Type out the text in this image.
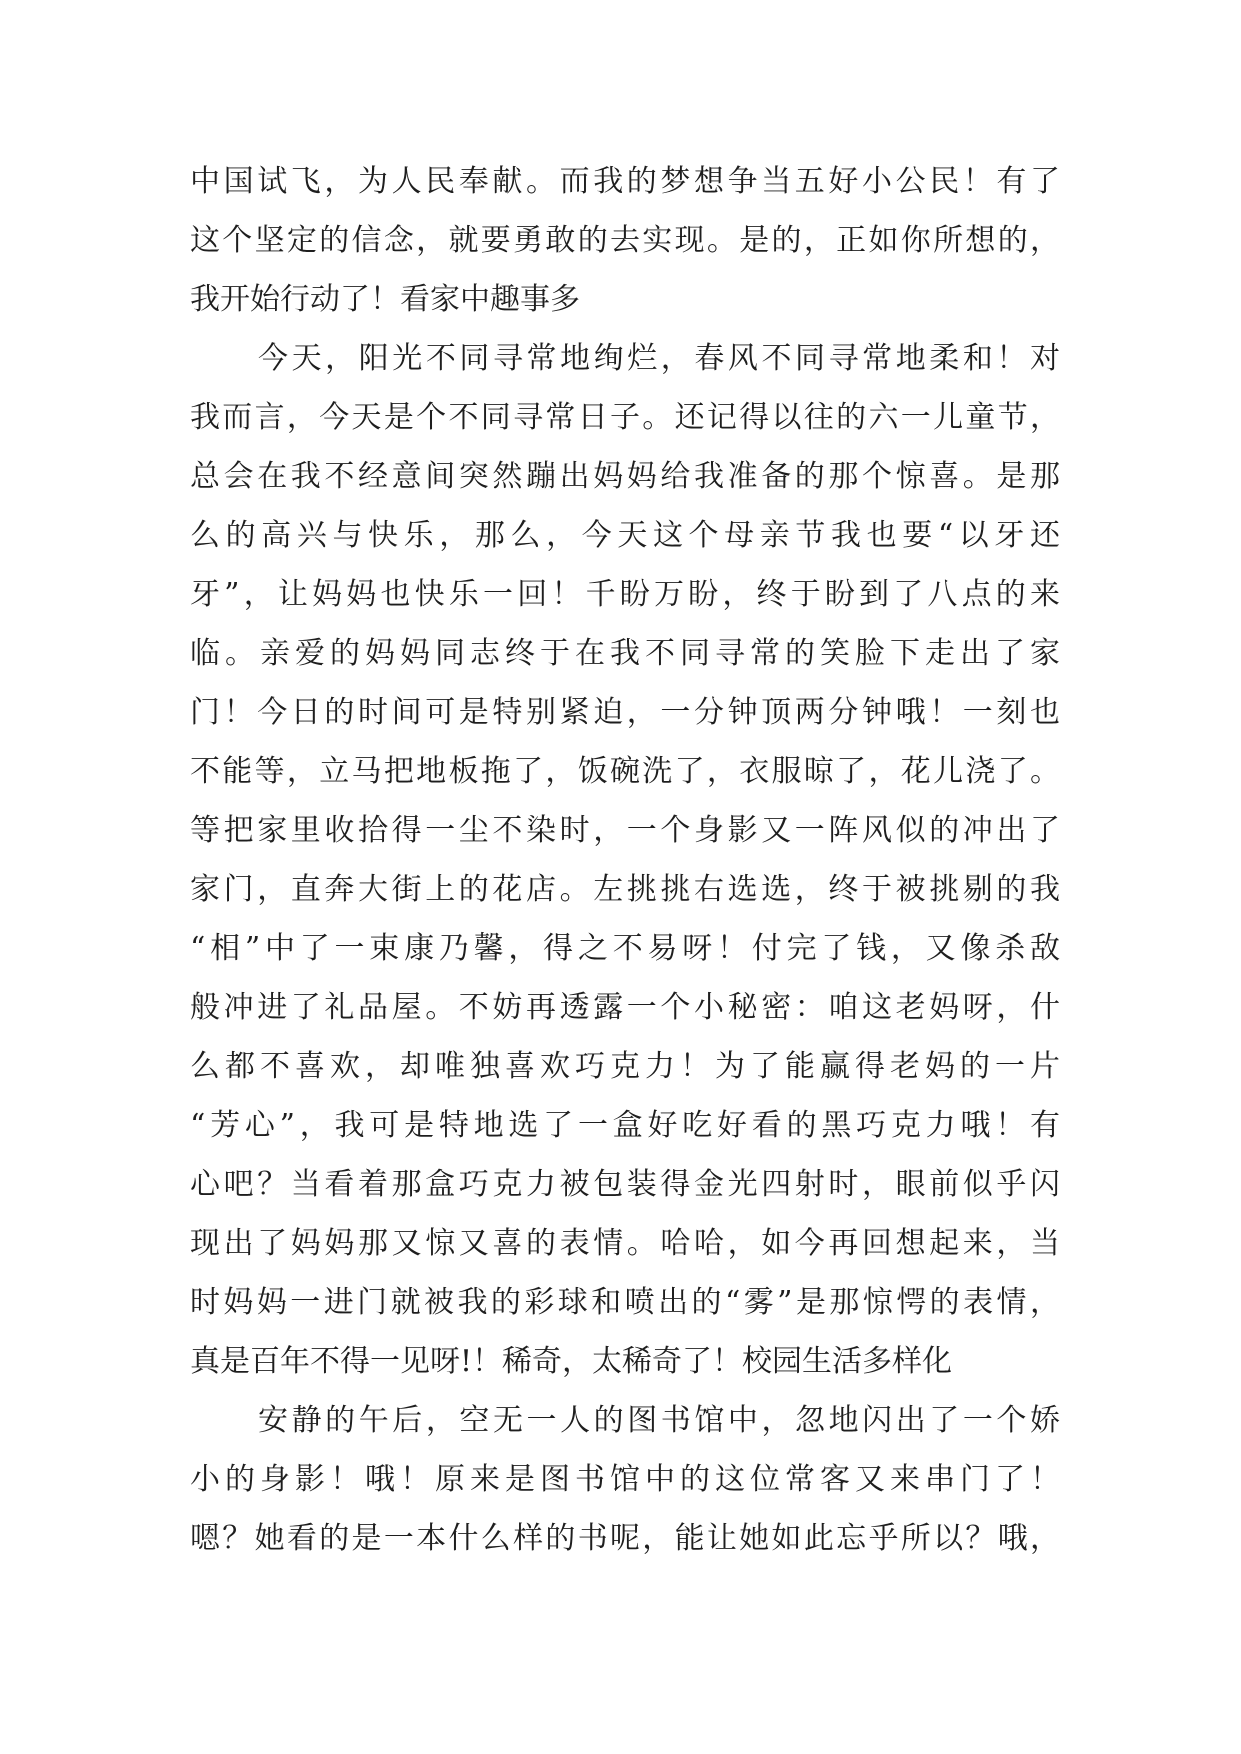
中国试飞，为人民奉献。而我的梦想争当五好小公民！有了
这个坚定的信念，就要勇敢的去实现。是的，正如你所想的，
我开始行动了！看家中趣事多
今天，阳光不同寻常地绚烂，春风不同寻常地柔和！对
我而言，今天是个不同寻常日子。还记得以往的六一儿童节，
总会在我不经意间突然蹦出妈妈给我准备的那个惊喜。是那
么的高兴与快乐，那么，今天这个母亲节我也要“以牙还
牙”，让妈妈也快乐一回！千盼万盼，终于盼到了八点的来
临。亲爱的妈妈同志终于在我不同寻常的笑脸下走出了家
门！今日的时间可是特别紧迫，一分钟顶两分钟哦！一刻也
不能等，立马把地板拖了，饭碗洗了，衣服晾了，花儿浇了。
等把家里收拾得一尘不染时，一个身影又一阵风似的冲出了
家门，直奔大街上的花店。左挑挑右选选，终于被挑剔的我
“相”中了一束康乃馨，得之不易呀！付完了钱，又像杀敌
般冲进了礼品屋。不妨再透露一个小秘密：咱这老妈呀，什
么都不喜欢，却唯独喜欢巧克力！为了能赢得老妈的一片
“芳心”，我可是特地选了一盒好吃好看的黑巧克力哦！有
心吧？当看着那盒巧克力被包装得金光四射时，眼前似乎闪
现出了妈妈那又惊又喜的表情。哈哈，如今再回想起来，当
时妈妈一进门就被我的彩球和喷出的“雾”是那惊愕的表情，
真是百年不得一见呀!！稀奇，太稀奇了！校园生活多样化
安静的午后，空无一人的图书馆中，忽地闪出了一个娇
小的身影！哦！原来是图书馆中的这位常客又来串门了！
嗯？她看的是一本什么样的书呢，能让她如此忘乎所以？哦，
